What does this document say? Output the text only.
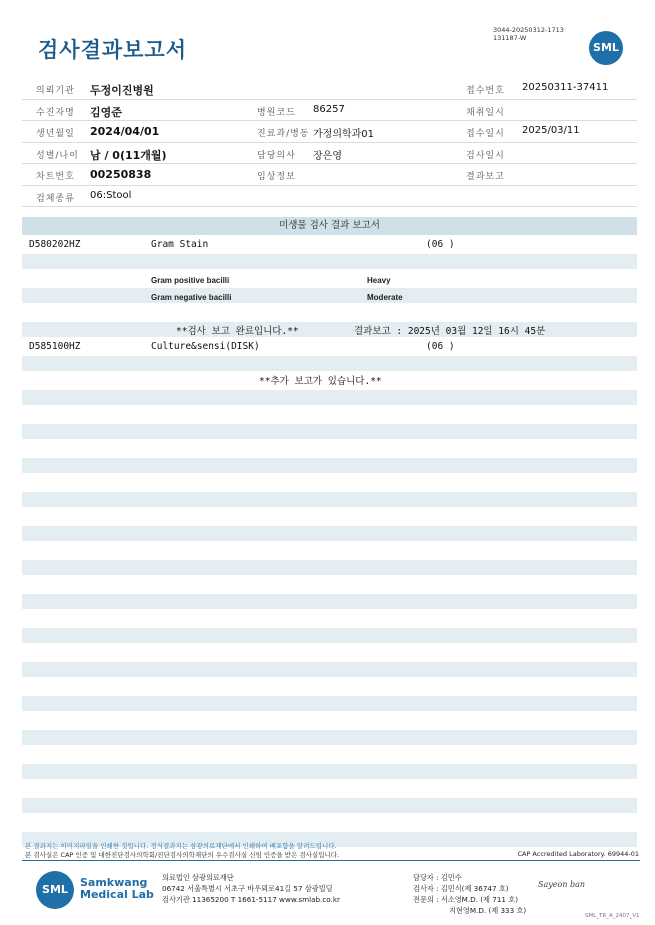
검사결과보고서
3044-20250312-1713
131187-W
SML
의뢰기관 두정이진병원	접수번호 20250311-37411
수진자명 김영준	병원코드 86257	채취일시
생년월일 2024/04/01	진료과/병동 가정의학과01	접수일시 2025/03/11
성별/나이 남 / 0(11개월)	담당의사 장은영	검사일시
차트번호 00250838	임상정보	결과보고
검체종류 06:Stool
미생물 검사 결과 보고서
D580202HZ	Gram Stain	(06 )
Gram positive bacilli	Heavy
Gram negative bacilli	Moderate
**검사 보고 완료입니다.**	결과보고 : 2025년 03월 12일 16시 45분
D585100HZ	Culture&sensi(DISK)	(06 )
**추가 보고가 있습니다.**
본 결과지는 이미지파일을 인쇄한 것입니다. 정식결과지는 삼광의료재단에서 인쇄하여 배포함을 알려드립니다.
본 검사실은 CAP 인증 및 대한진단검사의학회/진단검사의학재단의 우수검사실 신임 인증을 받은 검사실입니다.	CAP Accredited Laboratory. 69944-01
SML
Samkwang
Medical Lab
의료법인 삼광의료재단
06742 서울특별시 서초구 바우뫼로41길 57 삼광빌딩
검사기관 11365200 T 1661-5117 www.smlab.co.kr
담당자 : 김민수
검사자 : 김민식(제 36747 호)
전문의 : 서소영M.D. (제 711 호)
지현영M.D. (제 333 호)
Sayeon ban
SML_TR_A_2407_V1
